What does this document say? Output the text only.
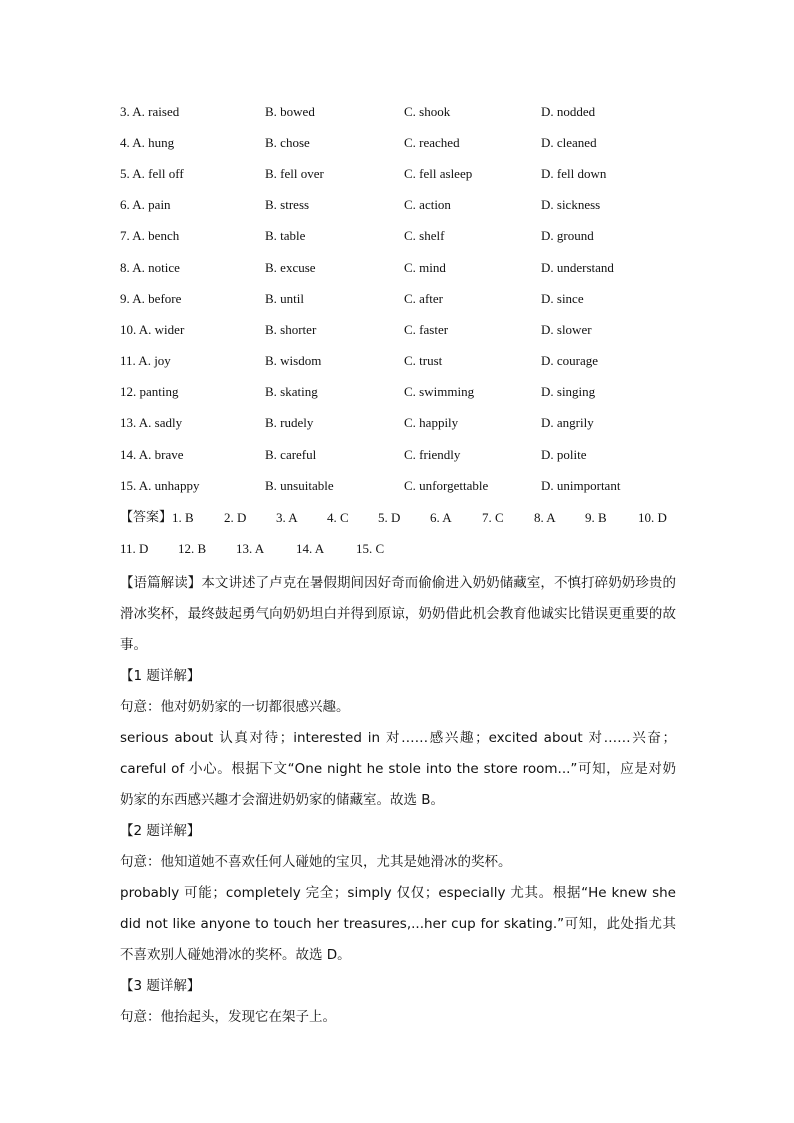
3. A. raised	B. bowed	C. shook	D. nodded
4. A. hung	B. chose	C. reached	D. cleaned
5. A. fell off	B. fell over	C. fell asleep	D. fell down
6. A. pain	B. stress	C. action	D. sickness
7. A. bench	B. table	C. shelf	D. ground
8. A. notice	B. excuse	C. mind	D. understand
9. A. before	B. until	C. after	D. since
10. A. wider	B. shorter	C. faster	D. slower
11. A. joy	B. wisdom	C. trust	D. courage
12. panting	B. skating	C. swimming	D. singing
13. A. sadly	B. rudely	C. happily	D. angrily
14. A. brave	B. careful	C. friendly	D. polite
15. A. unhappy	B. unsuitable	C. unforgettable	D. unimportant
【答案】 1. B	2. D	3. A	4. C	5. D	6. A	7. C	8. A	9. B	10. D
11. D	12. B	13. A	14. A	15. C

【语篇解读】本文讲述了卢克在暑假期间因好奇而偷偷进入奶奶储藏室，不慎打碎奶奶珍贵的滑冰奖杯，最终鼓起勇气向奶奶坦白并得到原谅，奶奶借此机会教育他诚实比错误更重要的故事。

【1 题详解】

句意：他对奶奶家的一切都很感兴趣。

serious about 认真对待；interested in 对……感兴趣；excited about 对……兴奋；careful of 小心。根据下文“One night he stole into the store room...”可知，应是对奶奶家的东西感兴趣才会溜进奶奶家的储藏室。故选 B。

【2 题详解】

句意：他知道她不喜欢任何人碰她的宝贝，尤其是她滑冰的奖杯。

probably 可能；completely 完全；simply 仅仅；especially 尤其。根据“He knew she did not like anyone to touch her treasures,...her cup for skating.”可知，此处指尤其不喜欢别人碰她滑冰的奖杯。故选 D。

【3 题详解】

句意：他抬起头，发现它在架子上。
